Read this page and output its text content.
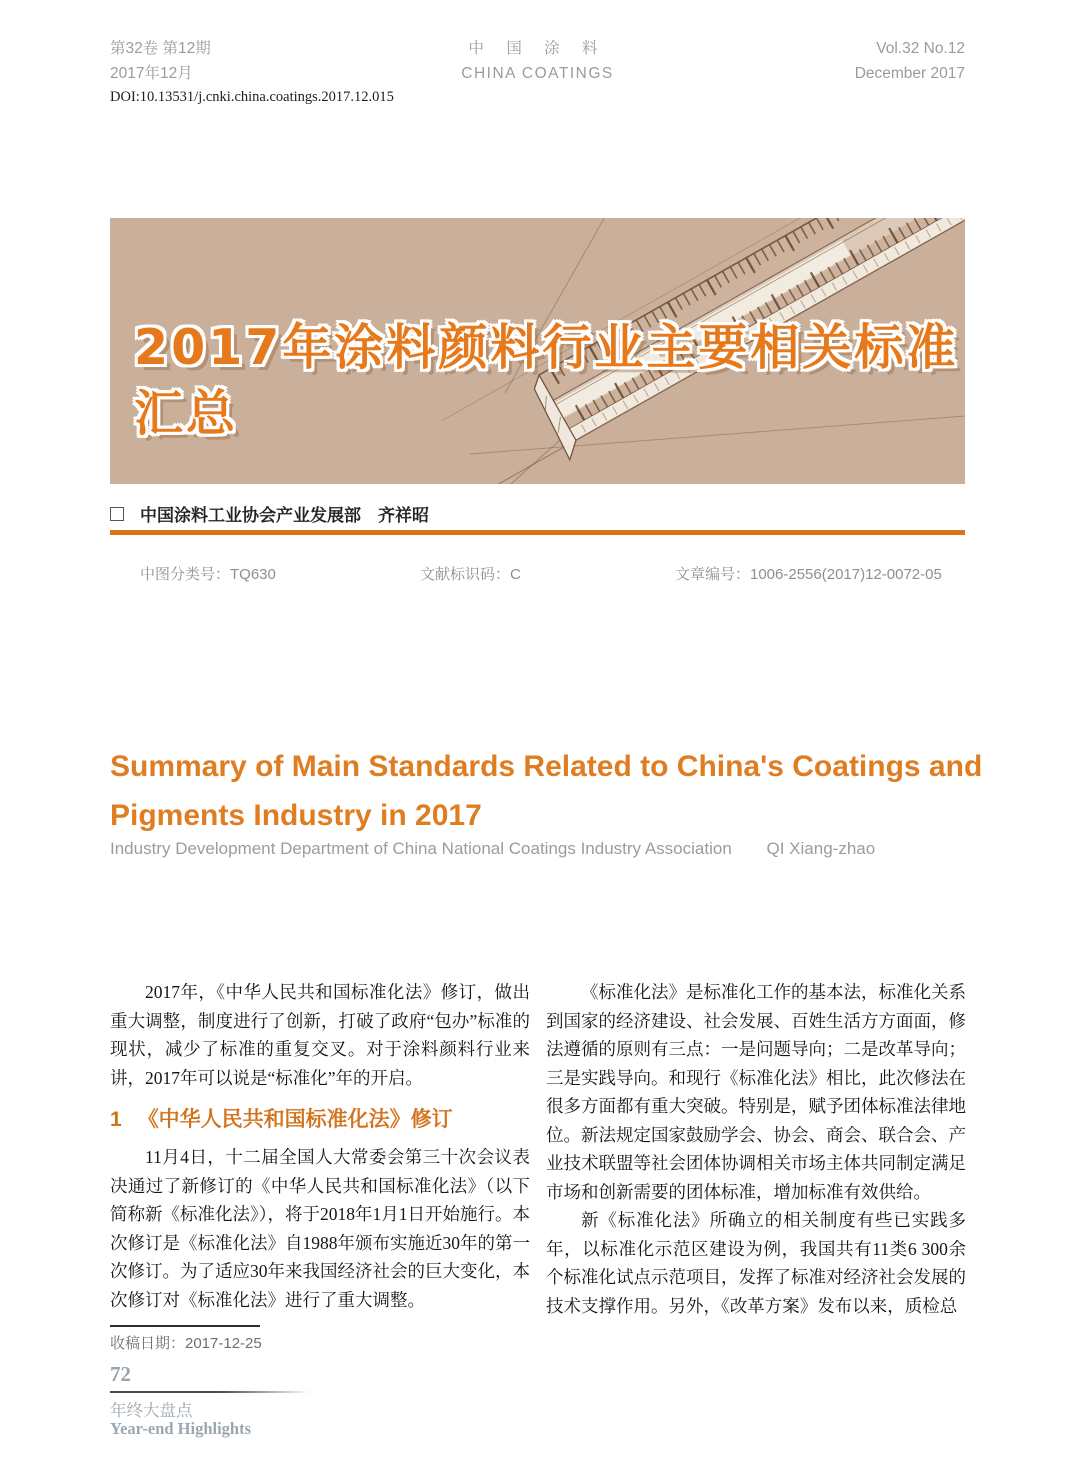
第32卷 第12期
2017年12月
中 国 涂 料
CHINA COATINGS
Vol.32 No.12
December 2017
DOI:10.13531/j.cnki.china.coatings.2017.12.015
2017年涂料颜料行业主要相关标准
汇总
中国涂料工业协会产业发展部　齐祥昭
中图分类号：TQ630	文献标识码：C	文章编号：1006-2556(2017)12-0072-05
Summary of Main Standards Related to China's Coatings and
Pigments Industry in 2017
Industry Development Department of China National Coatings Industry Association QI Xiang-zhao

2017年，《中华人民共和国标准化法》修订，做出重大调整，制度进行了创新，打破了政府“包办”标准的现状，减少了标准的重复交叉。对于涂料颜料行业来讲，2017年可以说是“标准化”年的开启。

1 《中华人民共和国标准化法》修订

11月4日，十二届全国人大常委会第三十次会议表决通过了新修订的《中华人民共和国标准化法》（以下简称新《标准化法》），将于2018年1月1日开始施行。本次修订是《标准化法》自1988年颁布实施近30年的第一次修订。为了适应30年来我国经济社会的巨大变化，本次修订对《标准化法》进行了重大调整。

《标准化法》是标准化工作的基本法，标准化关系到国家的经济建设、社会发展、百姓生活方方面面，修法遵循的原则有三点：一是问题导向；二是改革导向；三是实践导向。和现行《标准化法》相比，此次修法在很多方面都有重大突破。特别是，赋予团体标准法律地位。新法规定国家鼓励学会、协会、商会、联合会、产业技术联盟等社会团体协调相关市场主体共同制定满足市场和创新需要的团体标准，增加标准有效供给。

新《标准化法》所确立的相关制度有些已实践多年，以标准化示范区建设为例，我国共有11类6 300余个标准化试点示范项目，发挥了标准对经济社会发展的技术支撑作用。另外，《改革方案》发布以来，质检总

收稿日期：2017-12-25
72
年终大盘点
Year-end Highlights
